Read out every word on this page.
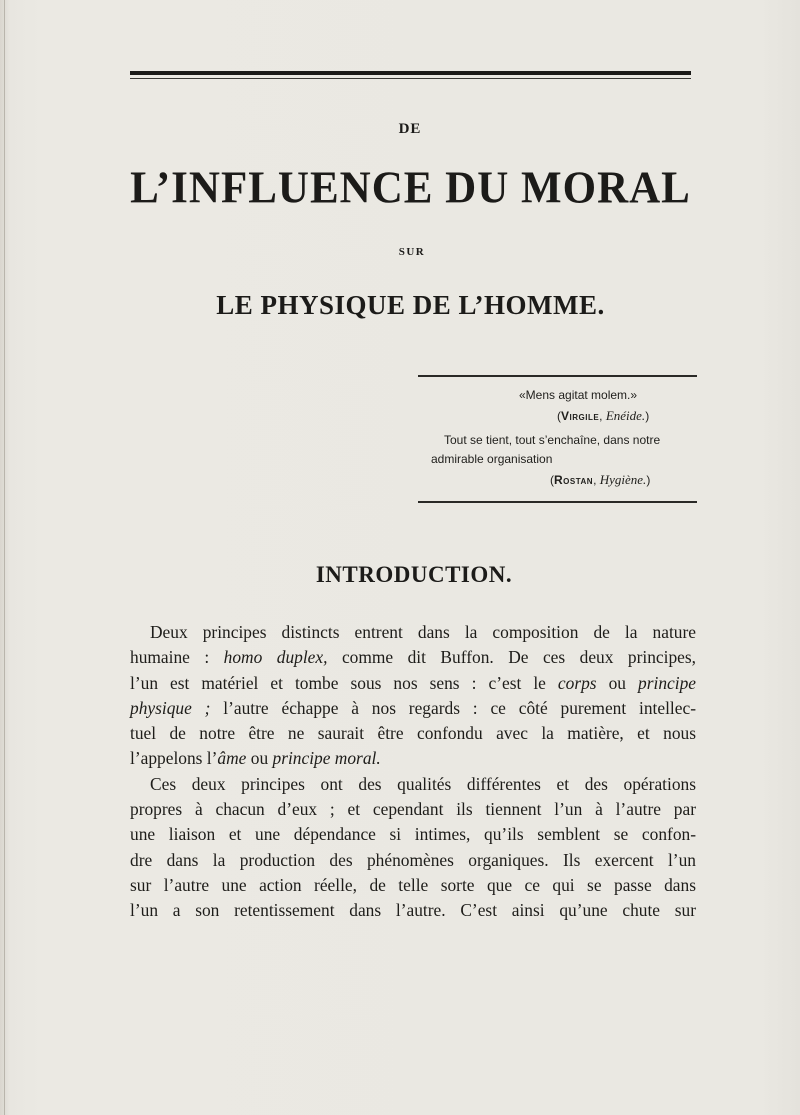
DE
L’INFLUENCE DU MORAL
SUR
LE PHYSIQUE DE L’HOMME.
«Mens agitat molem.»
(Virgile, Enéide.)
Tout se tient, tout s’enchaîne, dans notre
admirable organisation
(Rostan, Hygiène.)
INTRODUCTION.

Deux principes distincts entrent dans la composition de la nature
humaine : homo duplex, comme dit Buffon. De ces deux principes,
l’un est matériel et tombe sous nos sens : c’est le corps ou principe
physique ; l’autre échappe à nos regards : ce côté purement intellec-
tuel de notre être ne saurait être confondu avec la matière, et nous
l’appelons l’âme ou principe moral.

Ces deux principes ont des qualités différentes et des opérations
propres à chacun d’eux ; et cependant ils tiennent l’un à l’autre par
une liaison et une dépendance si intimes, qu’ils semblent se confon-
dre dans la production des phénomènes organiques. Ils exercent l’un
sur l’autre une action réelle, de telle sorte que ce qui se passe dans
l’un a son retentissement dans l’autre. C’est ainsi qu’une chute sur
